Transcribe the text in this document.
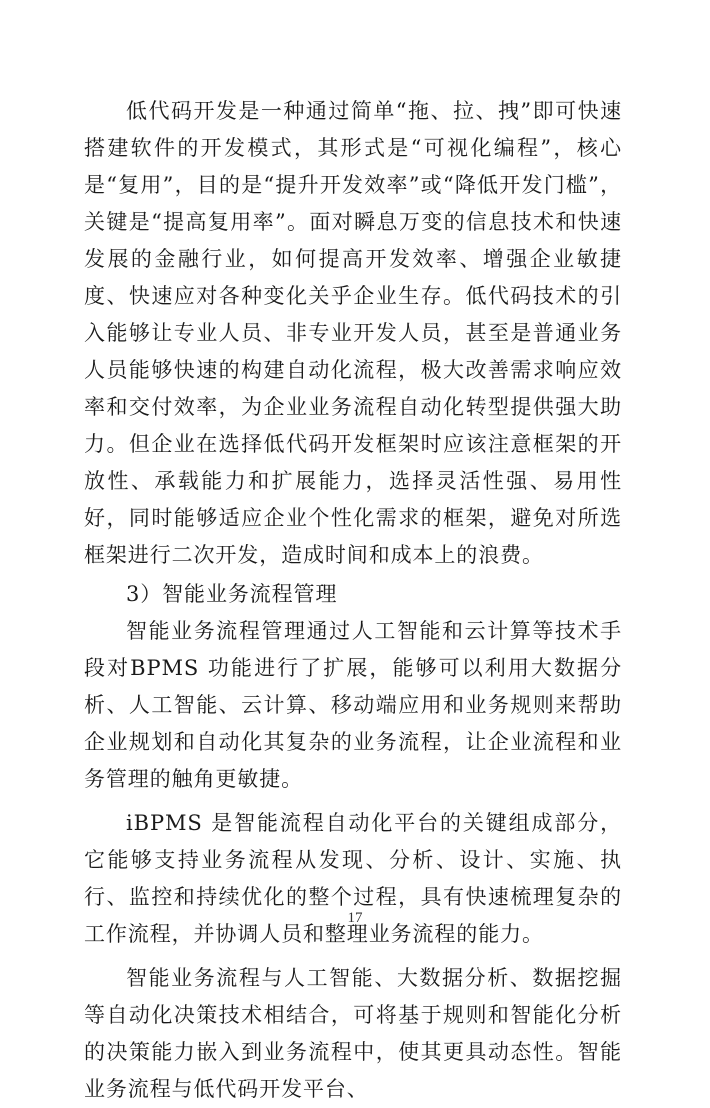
低代码开发是一种通过简单“拖、拉、拽”即可快速搭建软件的开发模式，其形式是“可视化编程”，核心是“复用”，目的是“提升开发效率”或“降低开发门槛”，关键是“提高复用率”。面对瞬息万变的信息技术和快速发展的金融行业，如何提高开发效率、增强企业敏捷度、快速应对各种变化关乎企业生存。低代码技术的引入能够让专业人员、非专业开发人员，甚至是普通业务人员能够快速的构建自动化流程，极大改善需求响应效率和交付效率，为企业业务流程自动化转型提供强大助力。但企业在选择低代码开发框架时应该注意框架的开放性、承载能力和扩展能力，选择灵活性强、易用性好，同时能够适应企业个性化需求的框架，避免对所选框架进行二次开发，造成时间和成本上的浪费。

3）智能业务流程管理

智能业务流程管理通过人工智能和云计算等技术手段对BPMS 功能进行了扩展，能够可以利用大数据分析、人工智能、云计算、移动端应用和业务规则来帮助企业规划和自动化其复杂的业务流程，让企业流程和业务管理的触角更敏捷。

iBPMS 是智能流程自动化平台的关键组成部分，它能够支持业务流程从发现、分析、设计、实施、执行、监控和持续优化的整个过程，具有快速梳理复杂的工作流程，并协调人员和整理业务流程的能力。

智能业务流程与人工智能、大数据分析、数据挖掘等自动化决策技术相结合，可将基于规则和智能化分析的决策能力嵌入到业务流程中，使其更具动态性。智能业务流程与低代码开发平台、

17
